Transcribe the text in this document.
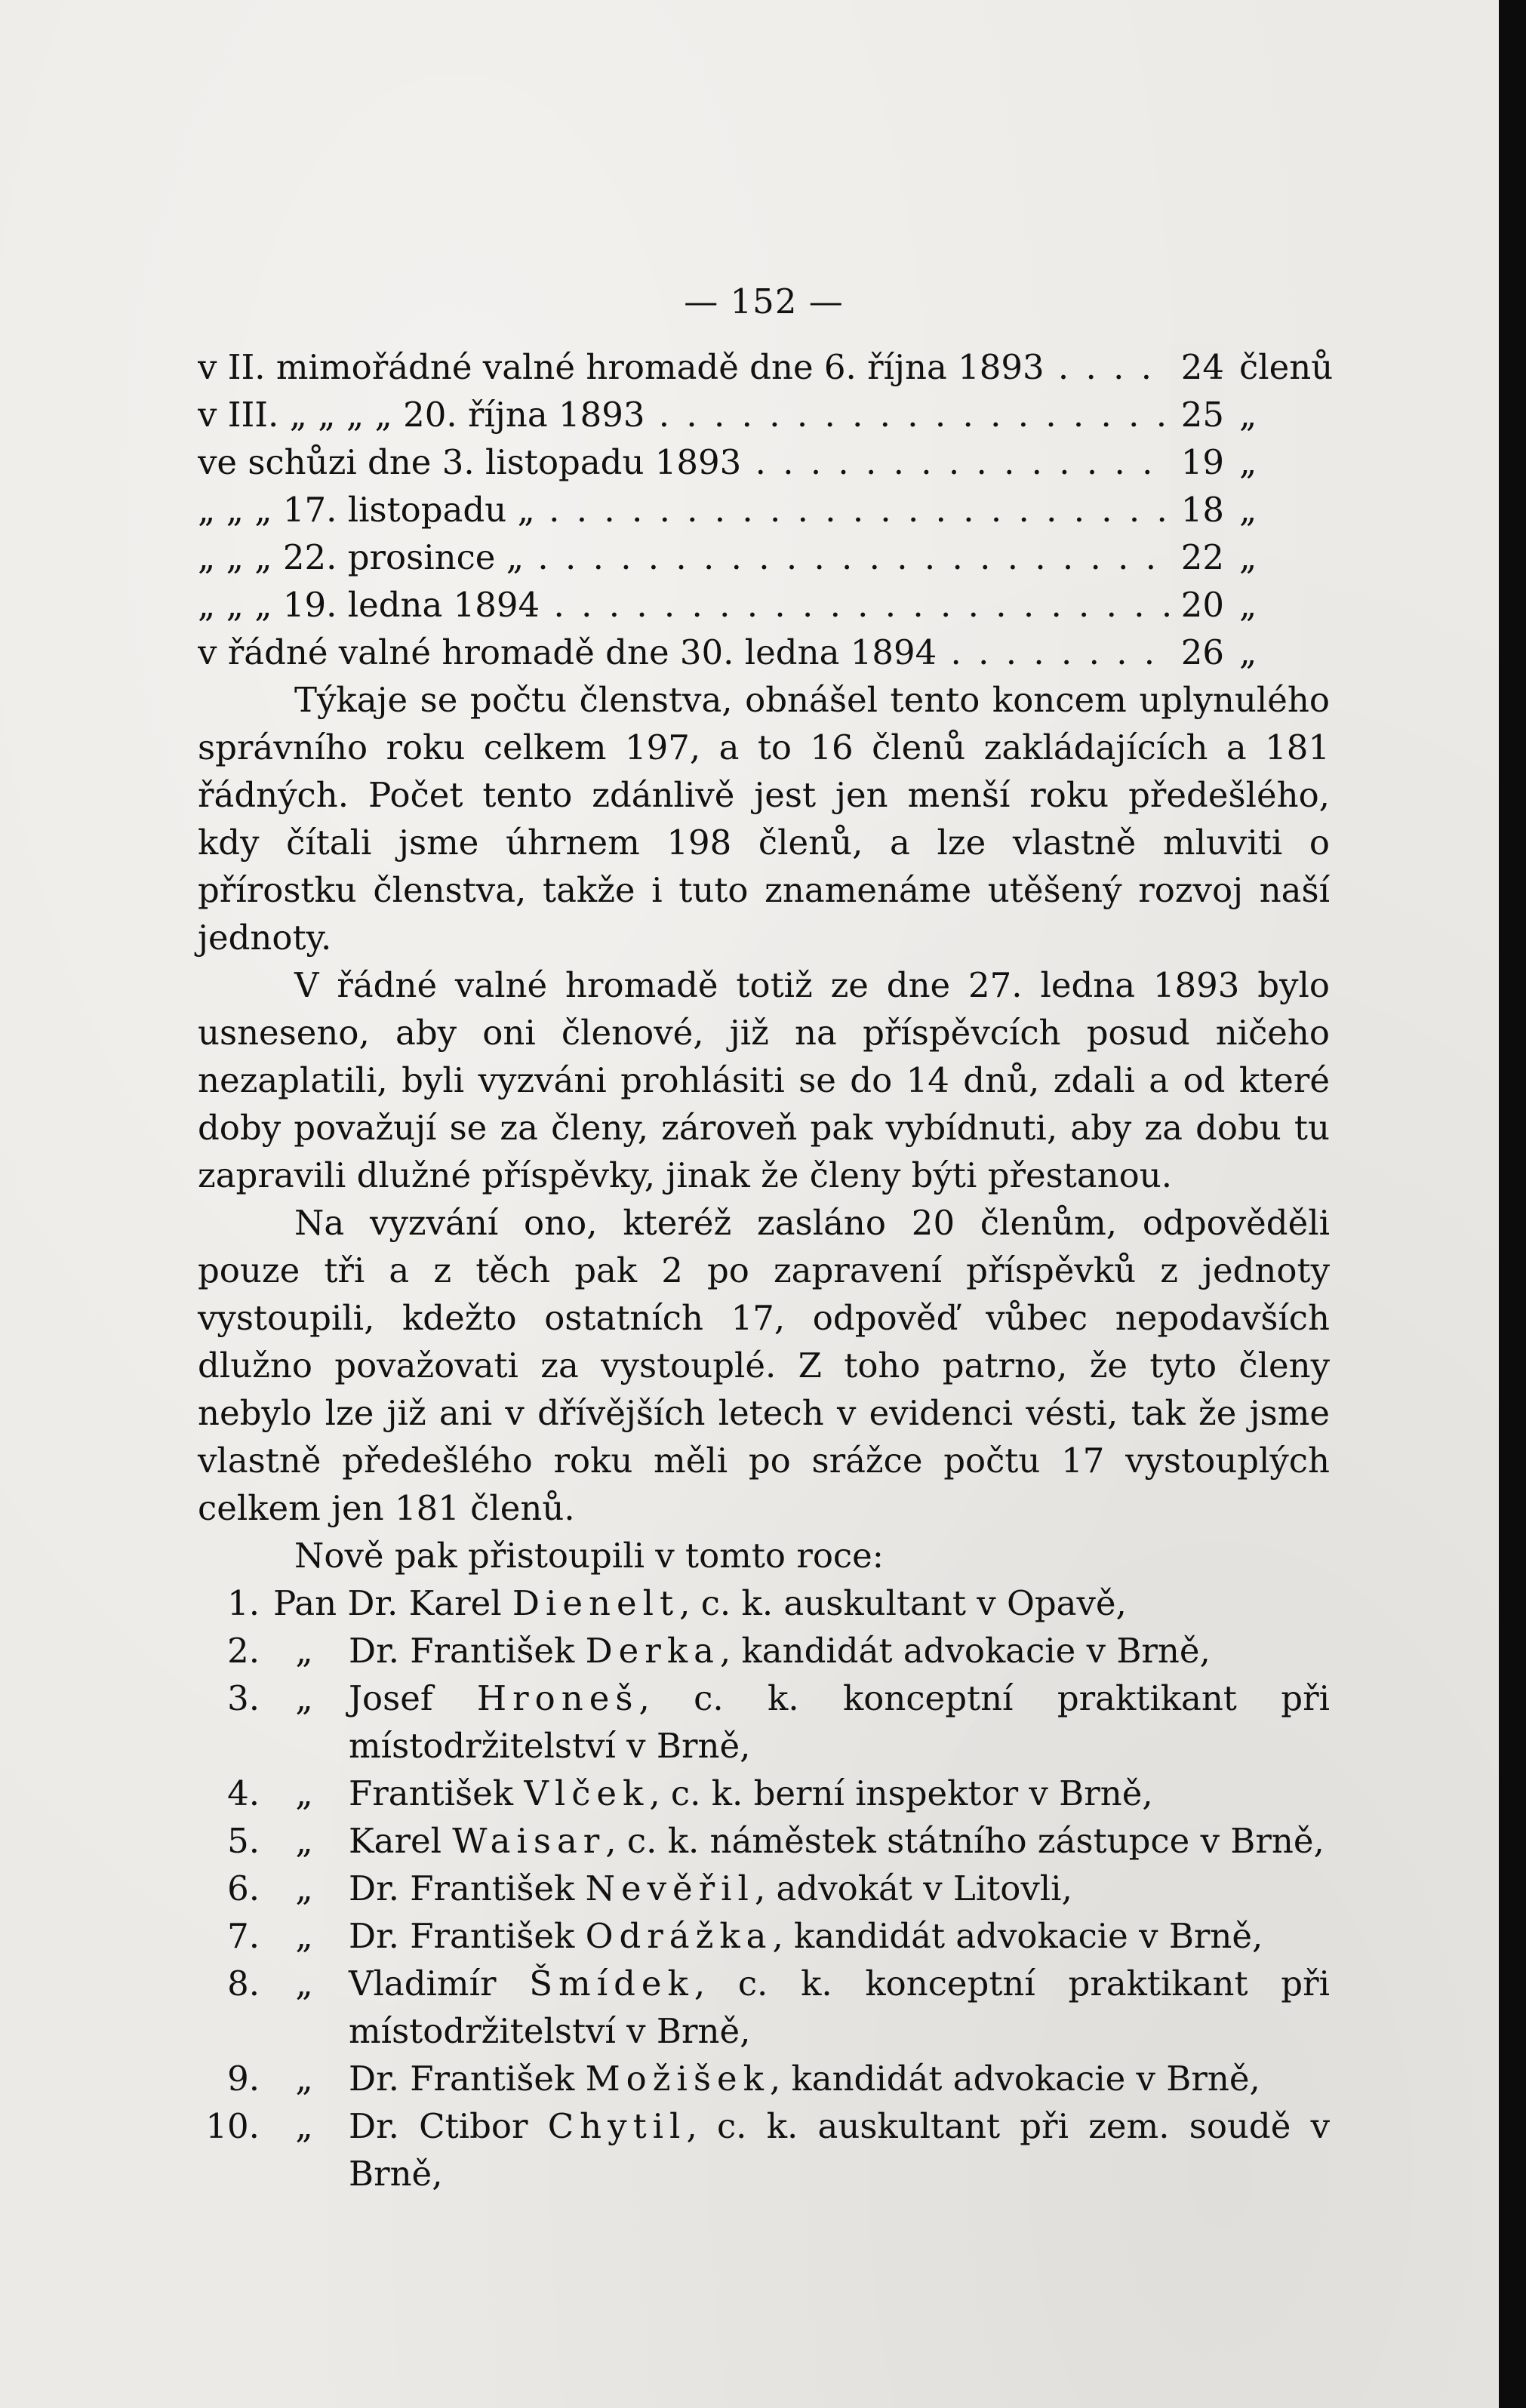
— 152 —
v II. mimořádné valné hromadě dne 6. října 1893 . . .	24 členů
v III. „ „ „ „ 20. října 1893 . . .	25 „
ve schůzi dne 3. listopadu 1893 . . .	19 „
„ „ „ 17. listopadu „ . . .	18 „
„ „ „ 22. prosince „ . . .	22 „
„ „ „ 19. ledna 1894 . . .	20 „
v řádné valné hromadě dne 30. ledna 1894 . . .	26 „

Týkaje se počtu členstva, obnášel tento koncem uplynulého správního roku celkem 197, a to 16 členů zakládajících a 181 řádných. Počet tento zdánlivě jest jen menší roku předešlého, kdy čítali jsme úhrnem 198 členů, a lze vlastně mluviti o přírostku členstva, takže i tuto znamenáme utěšený rozvoj naší jednoty.

V řádné valné hromadě totiž ze dne 27. ledna 1893 bylo usneseno, aby oni členové, již na příspěvcích posud ničeho nezaplatili, byli vyzváni prohlásiti se do 14 dnů, zdali a od které doby považují se za členy, zároveň pak vybídnuti, aby za dobu tu zapravili dlužné příspěvky, jinak že členy býti přestanou.

Na vyzvání ono, kteréž zasláno 20 členům, odpověděli pouze tři a z těch pak 2 po zapravení příspěvků z jednoty vystoupili, kdežto ostatních 17, odpověď vůbec nepodavších dlužno považovati za vystouplé. Z toho patrno, že tyto členy nebylo lze již ani v dřívějších letech v evidenci vésti, tak že jsme vlastně předešlého roku měli po srážce počtu 17 vystouplých celkem jen 181 členů.

Nově pak přistoupili v tomto roce:

1. Pan Dr. Karel Dienelt, c. k. auskultant v Opavě,
2.	„	Dr. František Derka, kandidát advokacie v Brně,
3.	„	Josef Hroneš, c. k. konceptní praktikant při místodržitelství v Brně,
4.	„	František Vlček, c. k. berní inspektor v Brně,
5.	„	Karel Waisar, c. k. náměstek státního zástupce v Brně,
6.	„	Dr. František Nevěřil, advokát v Litovli,
7.	„	Dr. František Odrážka, kandidát advokacie v Brně,
8.	„	Vladimír Šmídek, c. k. konceptní praktikant při místodržitelství v Brně,
9.	„	Dr. František Možišek, kandidát advokacie v Brně,
10.	„	Dr. Ctibor Chytil, c. k. auskultant při zem. soudě v Brně,
